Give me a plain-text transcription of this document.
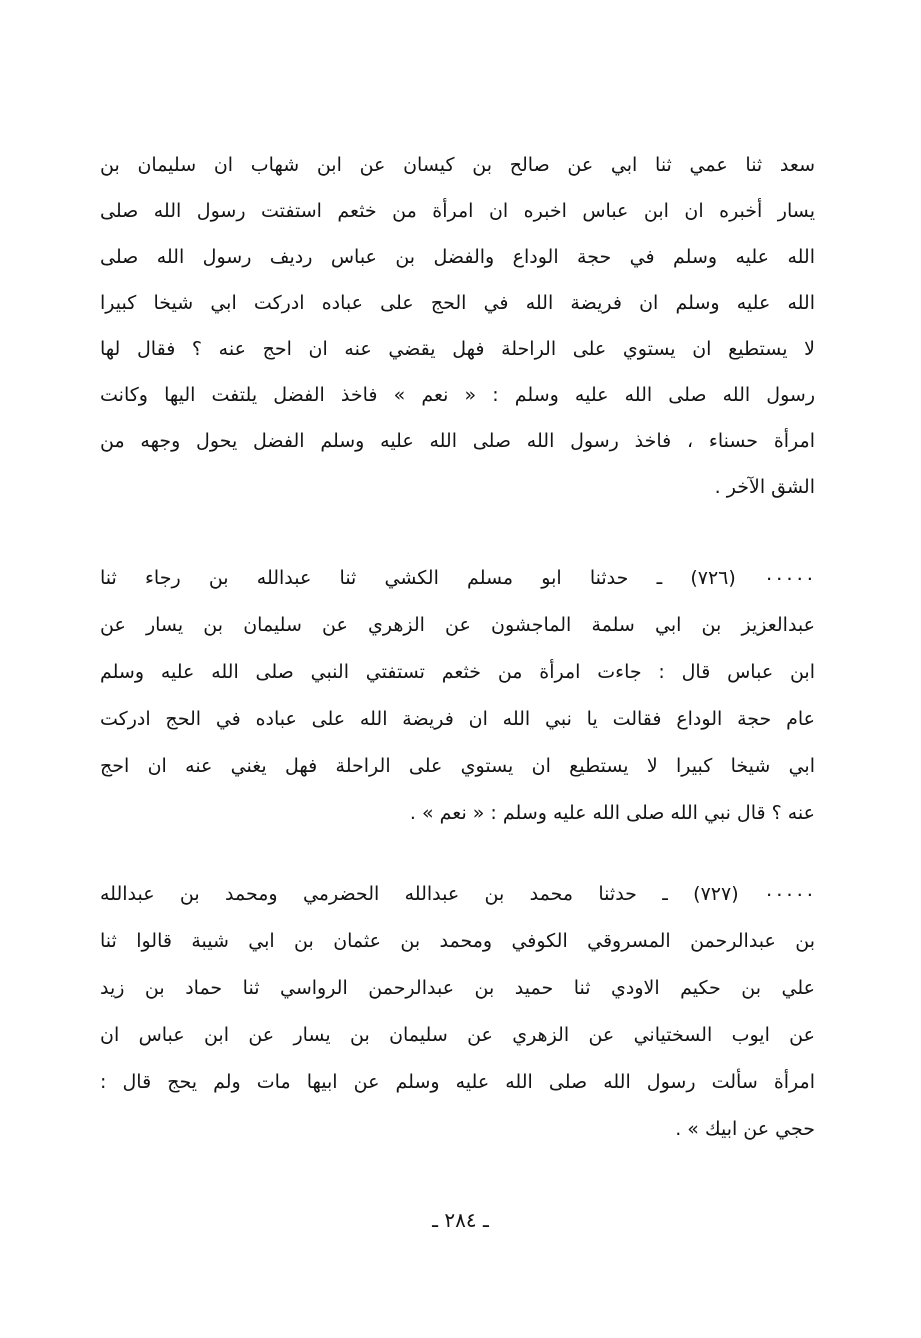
سعد ثنا عمي ثنا ابي عن صالح بن كيسان عن ابن شهاب ان سليمان بن
يسار أخبره ان ابن عباس اخبره ان امرأة من خثعم استفتت رسول الله صلى
الله عليه وسلم في حجة الوداع والفضل بن عباس رديف رسول الله صلى
الله عليه وسلم ان فريضة الله في الحج على عباده ادركت ابي شيخا كبيرا
لا يستطيع ان يستوي على الراحلة فهل يقضي عنه ان احج عنه ؟ فقال لها
رسول الله صلى الله عليه وسلم : « نعم » فاخذ الفضل يلتفت اليها وكانت
امرأة حسناء ، فاخذ رسول الله صلى الله عليه وسلم الفضل يحول وجهه من
الشق الآخر .
٠٠٠٠٠ (٧٢٦) ـ حدثنا ابو مسلم الكشي ثنا عبدالله بن رجاء ثنا
عبدالعزيز بن ابي سلمة الماجشون عن الزهري عن سليمان بن يسار عن
ابن عباس قال : جاءت امرأة من خثعم تستفتي النبي صلى الله عليه وسلم
عام حجة الوداع فقالت يا نبي الله ان فريضة الله على عباده في الحج ادركت
ابي شيخا كبيرا لا يستطيع ان يستوي على الراحلة فهل يغني عنه ان احج
عنه ؟ قال نبي الله صلى الله عليه وسلم : « نعم » .
٠٠٠٠٠ (٧٢٧) ـ حدثنا محمد بن عبدالله الحضرمي ومحمد بن عبدالله
بن عبدالرحمن المسروقي الكوفي ومحمد بن عثمان بن ابي شيبة قالوا ثنا
علي بن حكيم الاودي ثنا حميد بن عبدالرحمن الرواسي ثنا حماد بن زيد
عن ايوب السختياني عن الزهري عن سليمان بن يسار عن ابن عباس ان
امرأة سألت رسول الله صلى الله عليه وسلم عن ابيها مات ولم يحج قال :
حجي عن ابيك » .
ـ ٢٨٤ ـ
